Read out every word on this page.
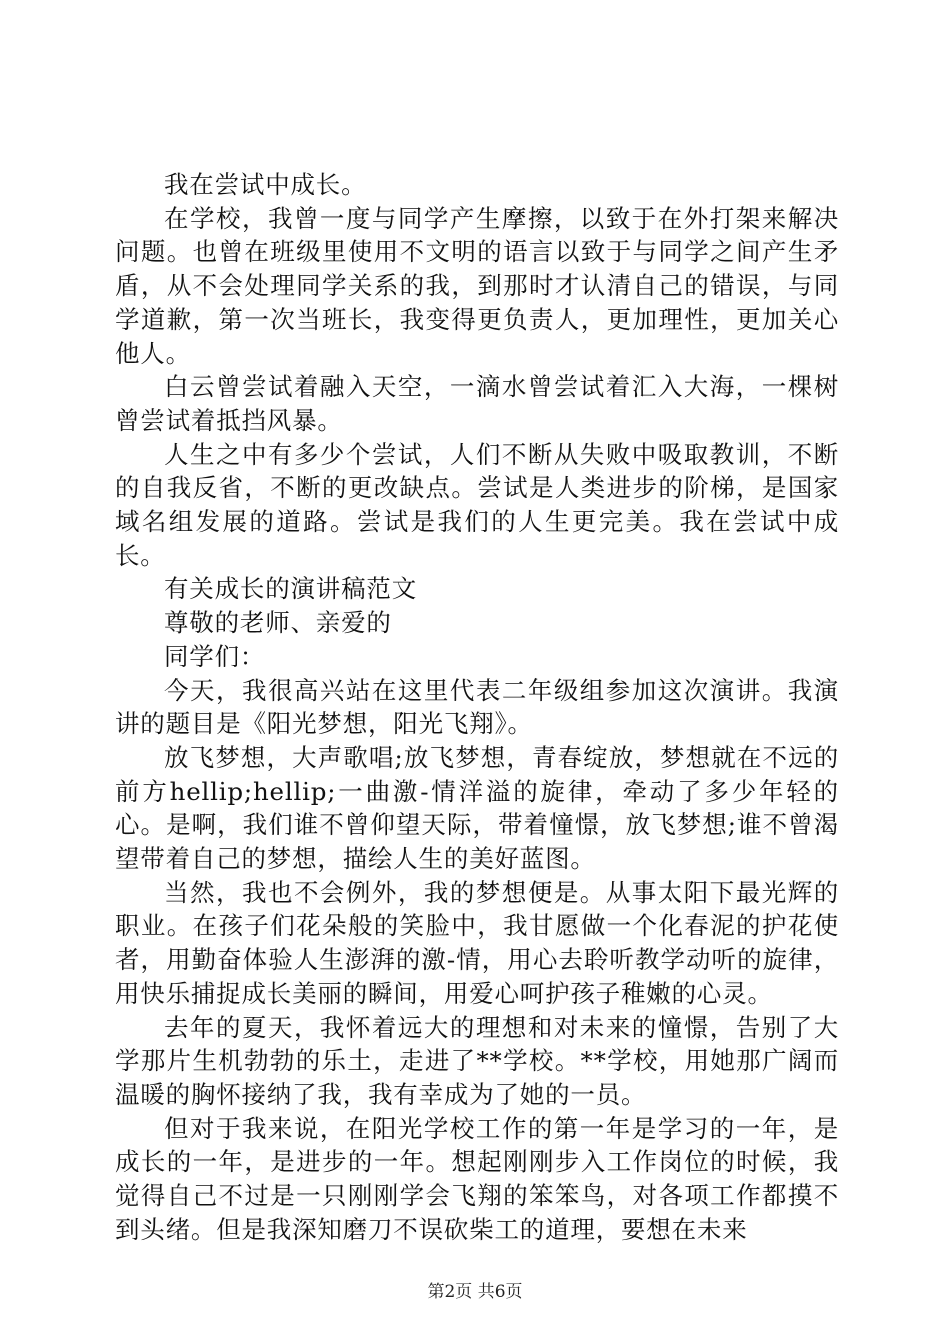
我在尝试中成长。

在学校，我曾一度与同学产生摩擦，以致于在外打架来解决问题。也曾在班级里使用不文明的语言以致于与同学之间产生矛盾，从不会处理同学关系的我，到那时才认清自己的错误，与同学道歉，第一次当班长，我变得更负责人，更加理性，更加关心他人。

白云曾尝试着融入天空，一滴水曾尝试着汇入大海，一棵树曾尝试着抵挡风暴。

人生之中有多少个尝试，人们不断从失败中吸取教训，不断的自我反省，不断的更改缺点。尝试是人类进步的阶梯，是国家域名组发展的道路。尝试是我们的人生更完美。我在尝试中成长。

有关成长的演讲稿范文

尊敬的老师、亲爱的

同学们：

今天，我很高兴站在这里代表二年级组参加这次演讲。我演讲的题目是《阳光梦想，阳光飞翔》。

放飞梦想，大声歌唱;放飞梦想，青春绽放，梦想就在不远的前方hellip;hellip;一曲激-情洋溢的旋律，牵动了多少年轻的心。是啊，我们谁不曾仰望天际，带着憧憬，放飞梦想;谁不曾渴望带着自己的梦想，描绘人生的美好蓝图。

当然，我也不会例外，我的梦想便是。从事太阳下最光辉的职业。在孩子们花朵般的笑脸中，我甘愿做一个化春泥的护花使者，用勤奋体验人生澎湃的激-情，用心去聆听教学动听的旋律，用快乐捕捉成长美丽的瞬间，用爱心呵护孩子稚嫩的心灵。

去年的夏天，我怀着远大的理想和对未来的憧憬，告别了大学那片生机勃勃的乐土，走进了**学校。**学校，用她那广阔而温暖的胸怀接纳了我，我有幸成为了她的一员。

但对于我来说，在阳光学校工作的第一年是学习的一年，是成长的一年，是进步的一年。想起刚刚步入工作岗位的时候，我觉得自己不过是一只刚刚学会飞翔的笨笨鸟，对各项工作都摸不到头绪。但是我深知磨刀不误砍柴工的道理，要想在未来

第2页 共6页
